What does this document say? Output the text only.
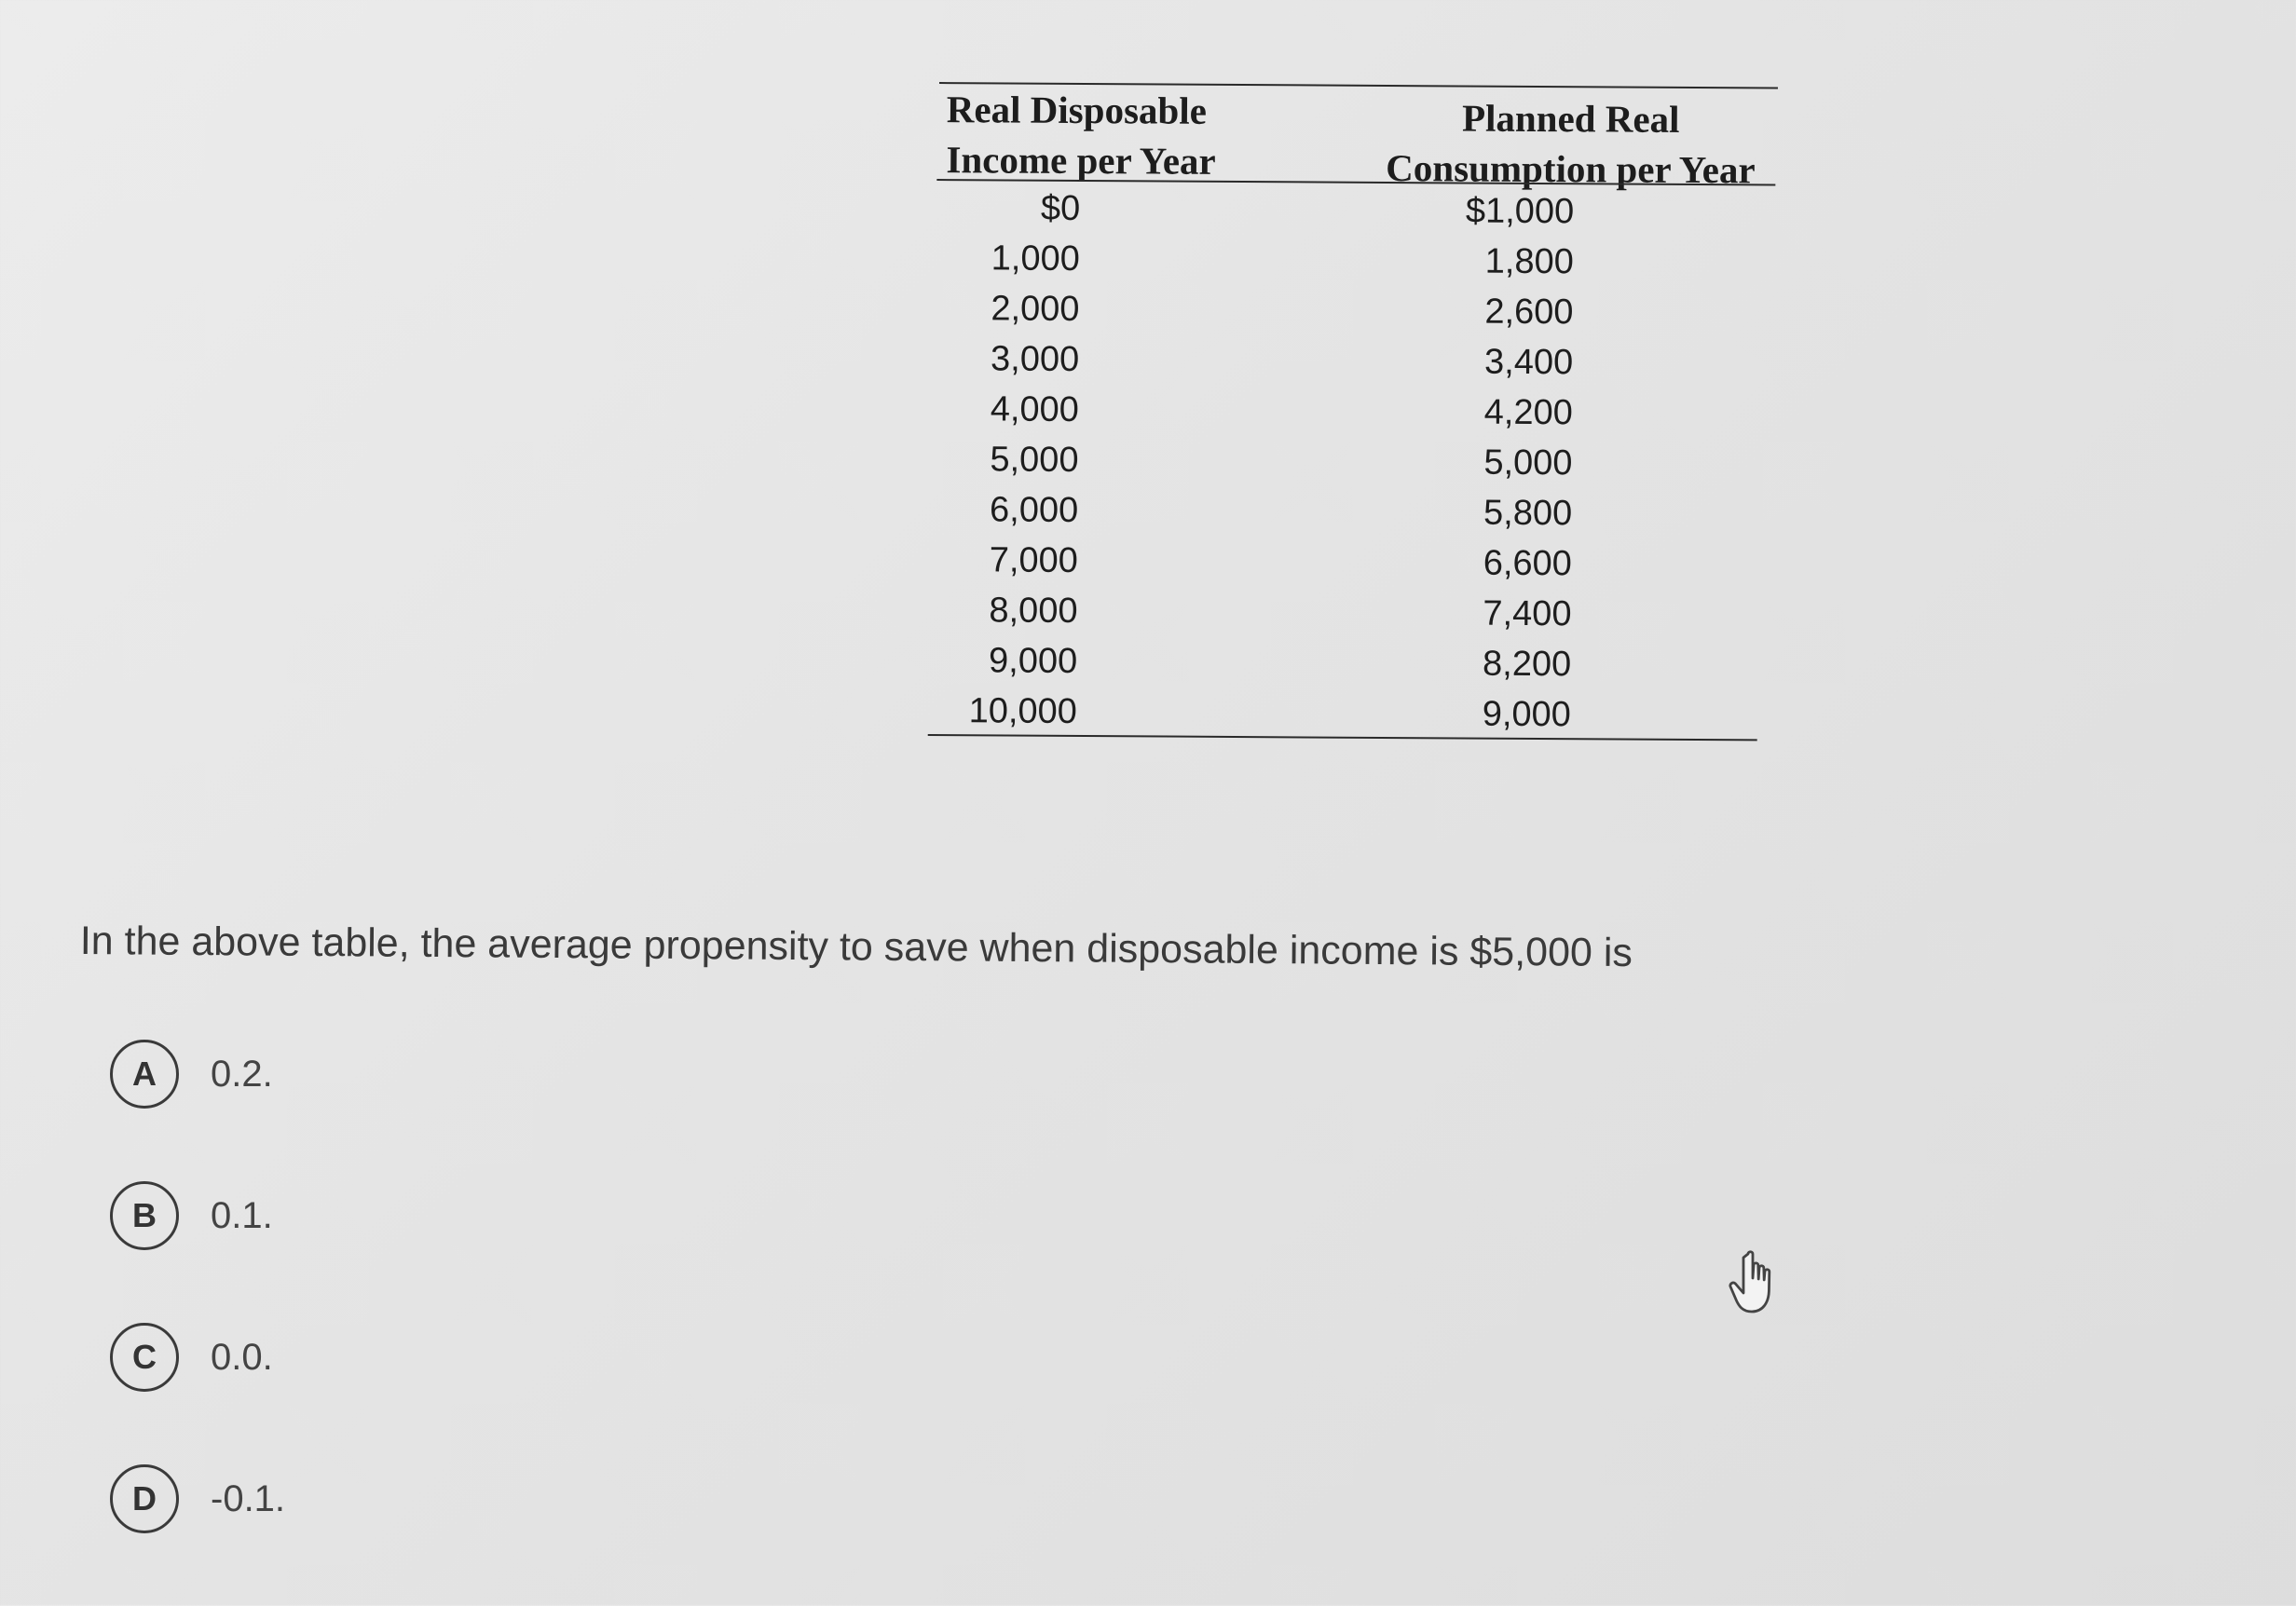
Real Disposable
Income per Year
Planned Real
Consumption per Year
$0	$1,000
1,000	1,800
2,000	2,600
3,000	3,400
4,000	4,200
5,000	5,000
6,000	5,800
7,000	6,600
8,000	7,400
9,000	8,200
10,000	9,000
In the above table, the average propensity to save when disposable income is $5,000 is
A	0.2.
B	0.1.
C	0.0.
D	-0.1.
